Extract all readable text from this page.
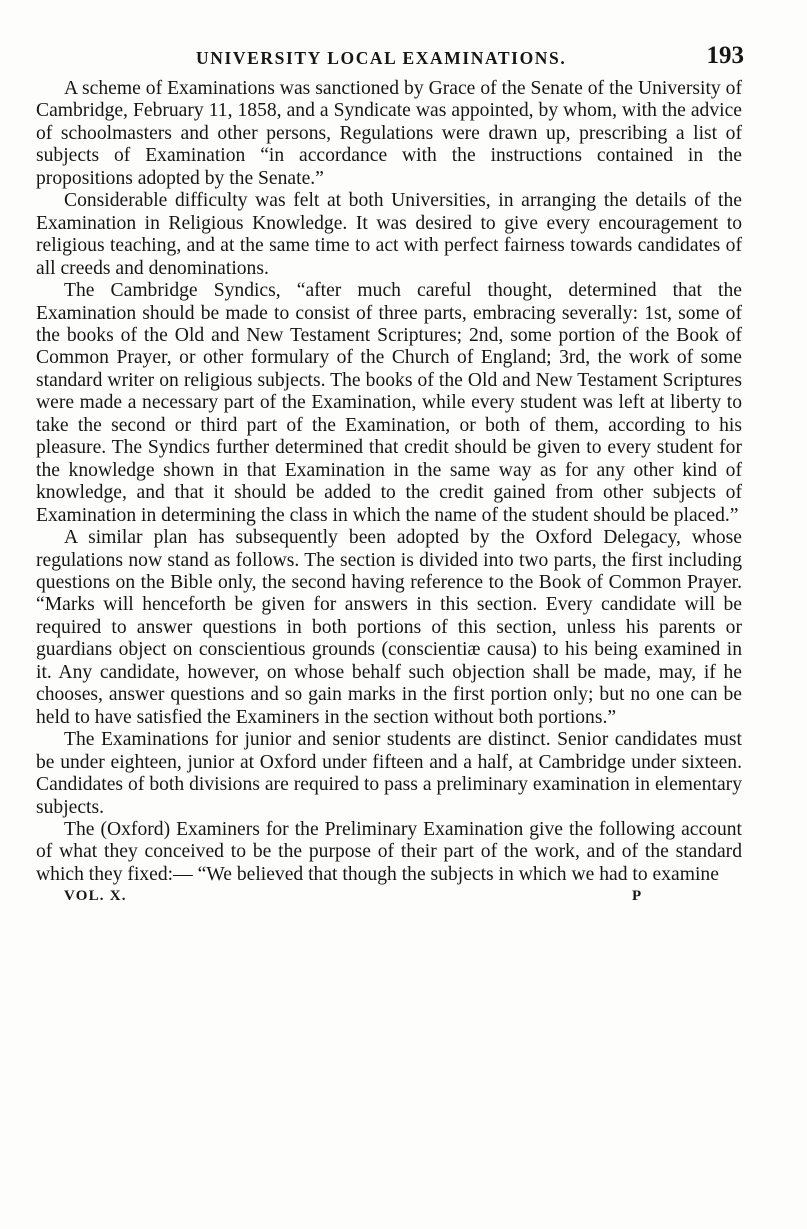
UNIVERSITY LOCAL EXAMINATIONS.	193

A scheme of Examinations was sanctioned by Grace of the Senate of the University of Cambridge, February 11, 1858, and a Syndicate was appointed, by whom, with the advice of schoolmasters and other persons, Regulations were drawn up, prescribing a list of subjects of Examination “in accordance with the instructions contained in the propositions adopted by the Senate.”

Considerable difficulty was felt at both Universities, in arranging the details of the Examination in Religious Knowledge. It was desired to give every encouragement to religious teaching, and at the same time to act with perfect fairness towards candidates of all creeds and denominations.

The Cambridge Syndics, “after much careful thought, determined that the Examination should be made to consist of three parts, embracing severally: 1st, some of the books of the Old and New Testament Scriptures; 2nd, some portion of the Book of Common Prayer, or other formulary of the Church of England; 3rd, the work of some standard writer on religious subjects. The books of the Old and New Testament Scriptures were made a necessary part of the Examination, while every student was left at liberty to take the second or third part of the Examination, or both of them, according to his pleasure. The Syndics further determined that credit should be given to every student for the knowledge shown in that Examination in the same way as for any other kind of knowledge, and that it should be added to the credit gained from other subjects of Examination in determining the class in which the name of the student should be placed.”

A similar plan has subsequently been adopted by the Oxford Delegacy, whose regulations now stand as follows. The section is divided into two parts, the first including questions on the Bible only, the second having reference to the Book of Common Prayer. “Marks will henceforth be given for answers in this section. Every candidate will be required to answer questions in both portions of this section, unless his parents or guardians object on conscientious grounds (conscientiæ causa) to his being examined in it. Any candidate, however, on whose behalf such objection shall be made, may, if he chooses, answer questions and so gain marks in the first portion only; but no one can be held to have satisfied the Examiners in the section without both portions.”

The Examinations for junior and senior students are distinct. Senior candidates must be under eighteen, junior at Oxford under fifteen and a half, at Cambridge under sixteen. Candidates of both divisions are required to pass a preliminary examination in elementary subjects.

The (Oxford) Examiners for the Preliminary Examination give the following account of what they conceived to be the purpose of their part of the work, and of the standard which they fixed:— “We believed that though the subjects in which we had to examine

VOL. X.	P
